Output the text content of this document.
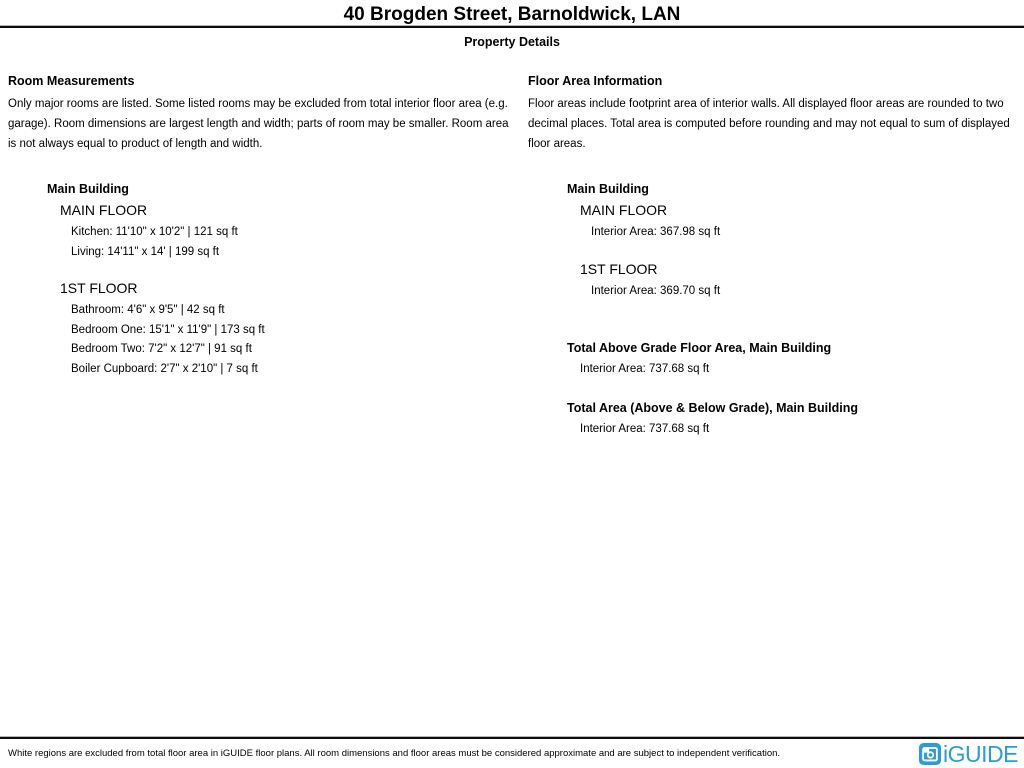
40 Brogden Street, Barnoldwick, LAN
Property Details
Room Measurements

Only major rooms are listed. Some listed rooms may be excluded from total interior floor area (e.g. garage). Room dimensions are largest length and width; parts of room may be smaller. Room area is not always equal to product of length and width.

Main Building
MAIN FLOOR
Kitchen: 11'10" x 10'2" | 121 sq ft
Living: 14'11" x 14' | 199 sq ft
1ST FLOOR
Bathroom: 4'6" x 9'5" | 42 sq ft
Bedroom One: 15'1" x 11'9" | 173 sq ft
Bedroom Two: 7'2" x 12'7" | 91 sq ft
Boiler Cupboard: 2'7" x 2'10" | 7 sq ft
Floor Area Information

Floor areas include footprint area of interior walls. All displayed floor areas are rounded to two decimal places. Total area is computed before rounding and may not equal to sum of displayed floor areas.

Main Building
MAIN FLOOR
Interior Area: 367.98 sq ft
1ST FLOOR
Interior Area: 369.70 sq ft
Total Above Grade Floor Area, Main Building
Interior Area: 737.68 sq ft
Total Area (Above & Below Grade), Main Building
Interior Area: 737.68 sq ft
White regions are excluded from total floor area in iGUIDE floor plans. All room dimensions and floor areas must be considered approximate and are subject to independent verification.	iGUIDE
